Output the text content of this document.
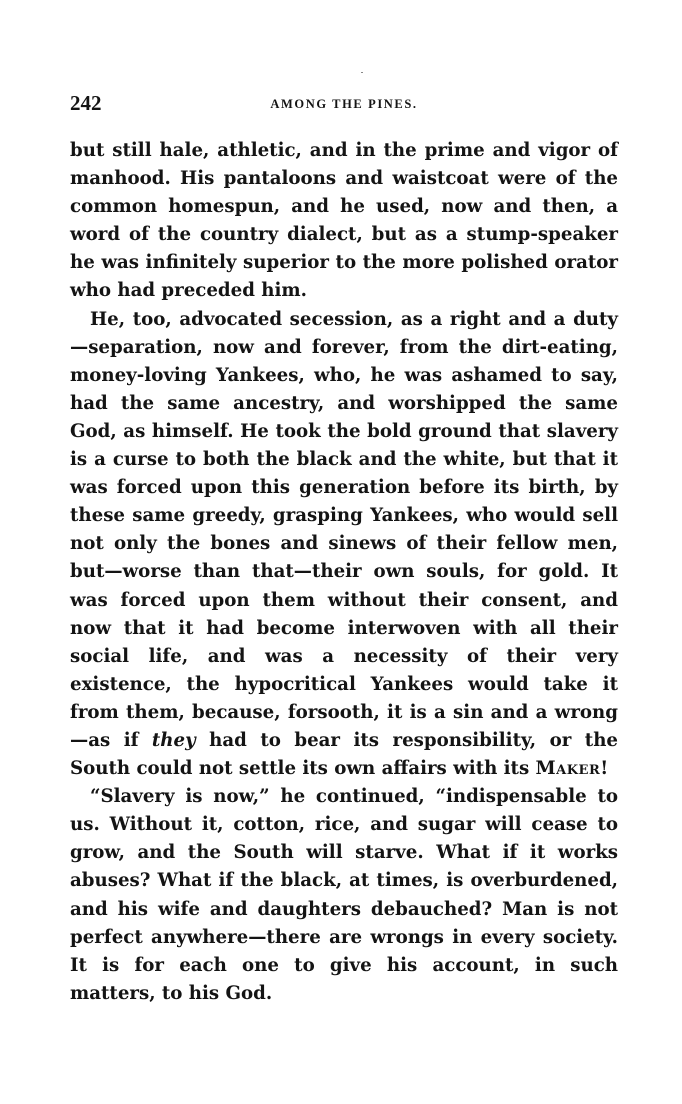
242	AMONG THE PINES.

but still hale, athletic, and in the prime and vigor of manhood. His pantaloons and waistcoat were of the common homespun, and he used, now and then, a word of the country dialect, but as a stump-speaker he was infinitely superior to the more polished orator who had preceded him.

He, too, advocated secession, as a right and a duty—separation, now and forever, from the dirt-eating, money-loving Yankees, who, he was ashamed to say, had the same ancestry, and worshipped the same God, as himself. He took the bold ground that slavery is a curse to both the black and the white, but that it was forced upon this generation before its birth, by these same greedy, grasping Yankees, who would sell not only the bones and sinews of their fellow men, but—worse than that—their own souls, for gold. It was forced upon them without their consent, and now that it had become interwoven with all their social life, and was a necessity of their very existence, the hypocritical Yankees would take it from them, because, forsooth, it is a sin and a wrong—as if they had to bear its responsibility, or the South could not settle its own affairs with its Maker!

“Slavery is now,” he continued, “indispensable to us. Without it, cotton, rice, and sugar will cease to grow, and the South will starve. What if it works abuses? What if the black, at times, is overburdened, and his wife and daughters debauched? Man is not perfect anywhere—there are wrongs in every society. It is for each one to give his account, in such matters, to his God.
